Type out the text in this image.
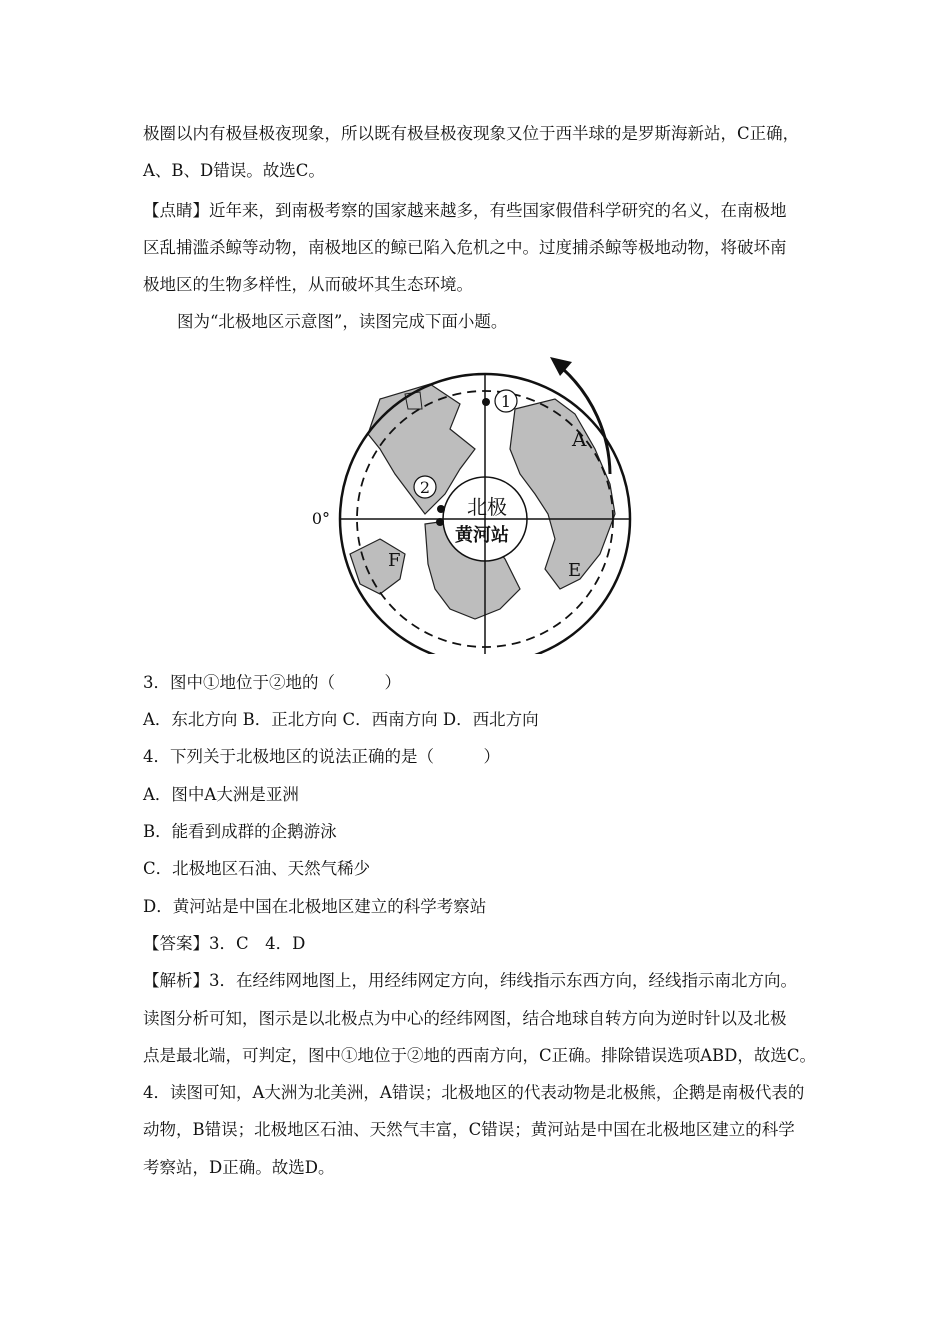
极圈以内有极昼极夜现象，所以既有极昼极夜现象又位于西半球的是罗斯海新站，C正确，
A、B、D错误。故选C。
【点睛】近年来，到南极考察的国家越来越多，有些国家假借科学研究的名义，在南极地
区乱捕滥杀鲸等动物，南极地区的鲸已陷入危机之中。过度捕杀鲸等极地动物，将破坏南
极地区的生物多样性，从而破坏其生态环境。
图为“北极地区示意图”，读图完成下面小题。
1
2
0°	北极
黄河站
A
E
F
3．图中①地位于②地的（　　　）
A．东北方向 B．正北方向 C．西南方向 D．西北方向
4．下列关于北极地区的说法正确的是（　　　）
A．图中A大洲是亚洲
B．能看到成群的企鹅游泳
C．北极地区石油、天然气稀少
D．黄河站是中国在北极地区建立的科学考察站
【答案】3．C　4．D
【解析】3．在经纬网地图上，用经纬网定方向，纬线指示东西方向，经线指示南北方向。
读图分析可知，图示是以北极点为中心的经纬网图，结合地球自转方向为逆时针以及北极
点是最北端，可判定，图中①地位于②地的西南方向，C正确。排除错误选项ABD，故选C。
4．读图可知，A大洲为北美洲，A错误；北极地区的代表动物是北极熊，企鹅是南极代表的
动物，B错误；北极地区石油、天然气丰富，C错误；黄河站是中国在北极地区建立的科学
考察站，D正确。故选D。
